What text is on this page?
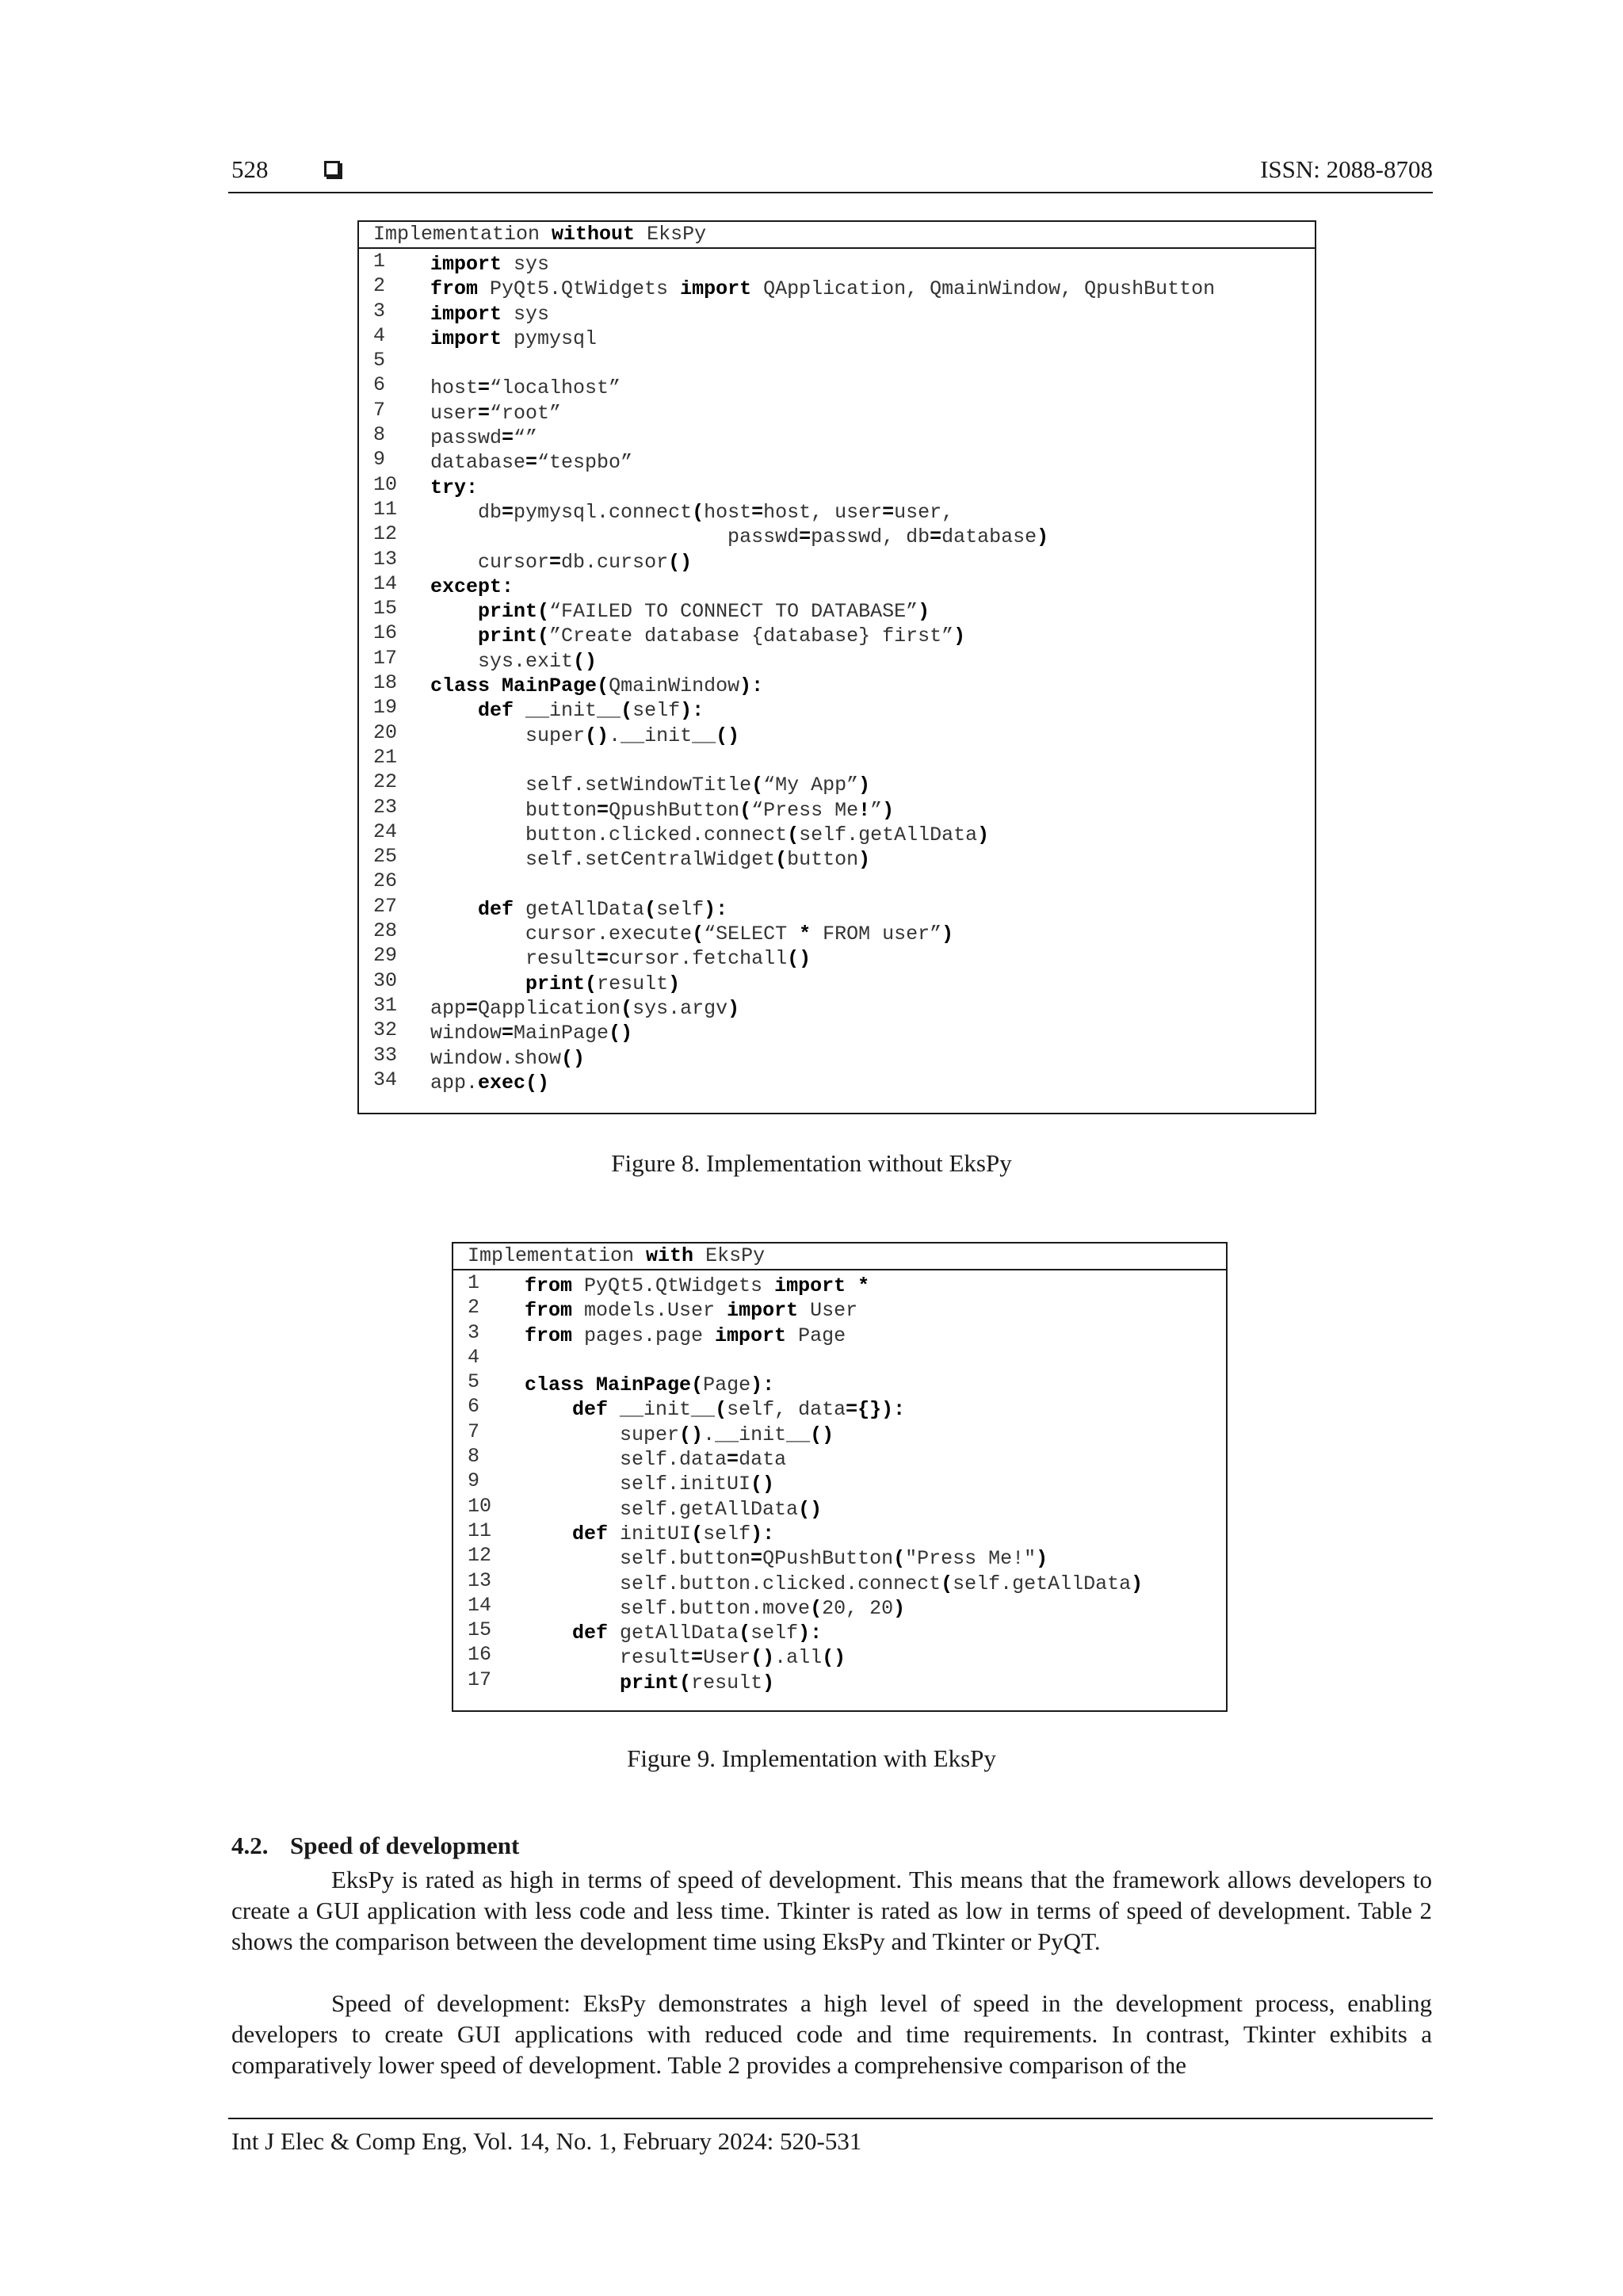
528	ISSN: 2088-8708
Implementation without EksPy
1 import sys
2 from PyQt5.QtWidgets import QApplication, QmainWindow, QpushButton
3 import sys
4 import pymysql
5
6 host=“localhost”
7 user=“root”
8 passwd=“”
9 database=“tespbo”
10 try:
11 db=pymysql.connect(host=host, user=user,
12 passwd=passwd, db=database)
13 cursor=db.cursor()
14 except:
15	print(“FAILED TO CONNECT TO DATABASE”)
16	print(”Create database {database} first”)
17 sys.exit()
18 class MainPage(QmainWindow):
19	def __init__(self):
20 super().__init__()
21
22 self.setWindowTitle(“My App”)
23 button=QpushButton(“Press Me!”)
24 button.clicked.connect(self.getAllData)
25 self.setCentralWidget(button)
26
27	def getAllData(self):
28 cursor.execute(“SELECT * FROM user”)
29 result=cursor.fetchall()
30	print(result)
31 app=Qapplication(sys.argv)
32 window=MainPage()
33 window.show()
34 app.exec()
Figure 8. Implementation without EksPy
Implementation with EksPy
1 from PyQt5.QtWidgets import *
2 from models.User import User
3 from pages.page import Page
4
5 class MainPage(Page):
6	def __init__(self, data={}):
7 super().__init__()
8 self.data=data
9 self.initUI()
10 self.getAllData()
11	def initUI(self):
12 self.button=QPushButton("Press Me!")
13 self.button.clicked.connect(self.getAllData)
14 self.button.move(20, 20)
15	def getAllData(self):
16 result=User().all()
17	print(result)
Figure 9. Implementation with EksPy
4.2. Speed of development

EksPy is rated as high in terms of speed of development. This means that the framework allows developers to create a GUI application with less code and less time. Tkinter is rated as low in terms of speed of development. Table 2 shows the comparison between the development time using EksPy and Tkinter or PyQT.

Speed of development: EksPy demonstrates a high level of speed in the development process, enabling developers to create GUI applications with reduced code and time requirements. In contrast, Tkinter exhibits a comparatively lower speed of development. Table 2 provides a comprehensive comparison of the

Int J Elec & Comp Eng, Vol. 14, No. 1, February 2024: 520-531
